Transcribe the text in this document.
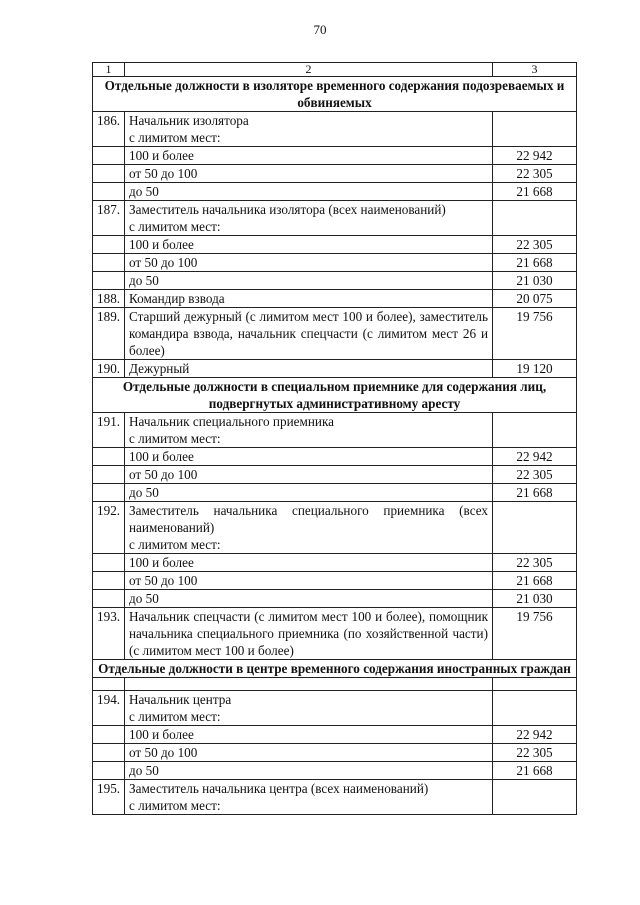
70
1	2	3
Отдельные должности в изоляторе временного содержания подозреваемых и обвиняемых		
186.	Начальник изолятора
с лимитом мест:	
	100 и более	22 942
	от 50 до 100	22 305
	до 50	21 668
187.	Заместитель начальника изолятора (всех наименований)
с лимитом мест:	
	100 и более	22 305
	от 50 до 100	21 668
	до 50	21 030
188.	Командир взвода	20 075
189.	Старший дежурный (с лимитом мест 100 и более), заместитель командира взвода, начальник спецчасти (с лимитом мест 26 и более)	19 756
190.	Дежурный	19 120
Отдельные должности в специальном приемнике для содержания лиц, подвергнутых административному аресту		
191.	Начальник специального приемника
с лимитом мест:	
	100 и более	22 942
	от 50 до 100	22 305
	до 50	21 668
192.	Заместитель начальника специального приемника (всех наименований)
с лимитом мест:	
	100 и более	22 305
	от 50 до 100	21 668
	до 50	21 030
193.	Начальник спецчасти (с лимитом мест 100 и более), помощник начальника специального приемника (по хозяйственной части) (с лимитом мест 100 и более)	19 756
Отдельные должности в центре временного содержания иностранных граждан		

194.	Начальник центра
с лимитом мест:	
	100 и более	22 942
	от 50 до 100	22 305
	до 50	21 668
195.	Заместитель начальника центра (всех наименований)
с лимитом мест:	
